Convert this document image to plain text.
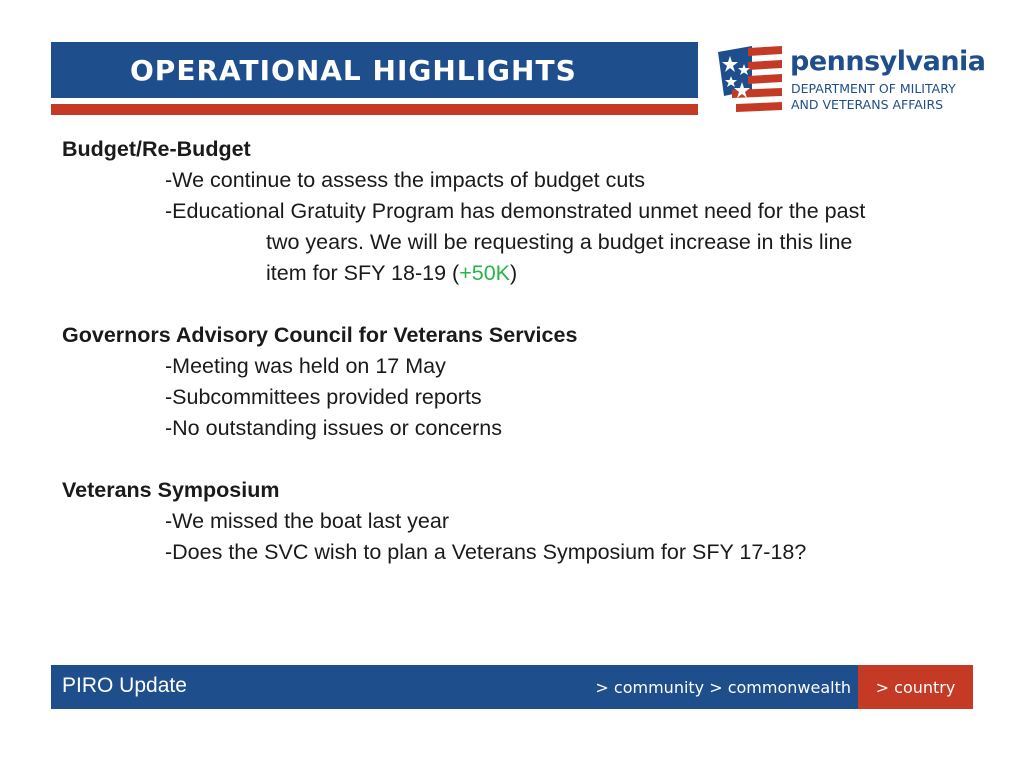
OPERATIONAL HIGHLIGHTS	pennsylvania
DEPARTMENT OF MILITARY
AND VETERANS AFFAIRS
Budget/Re-Budget
-We continue to assess the impacts of budget cuts
-Educational Gratuity Program has demonstrated unmet need for the past
two years. We will be requesting a budget increase in this line
item for SFY 18-19 (+50K)
Governors Advisory Council for Veterans Services
-Meeting was held on 17 May
-Subcommittees provided reports
-No outstanding issues or concerns
Veterans Symposium
-We missed the boat last year
-Does the SVC wish to plan a Veterans Symposium for SFY 17-18?
PIRO Update	> community > commonwealth > country
